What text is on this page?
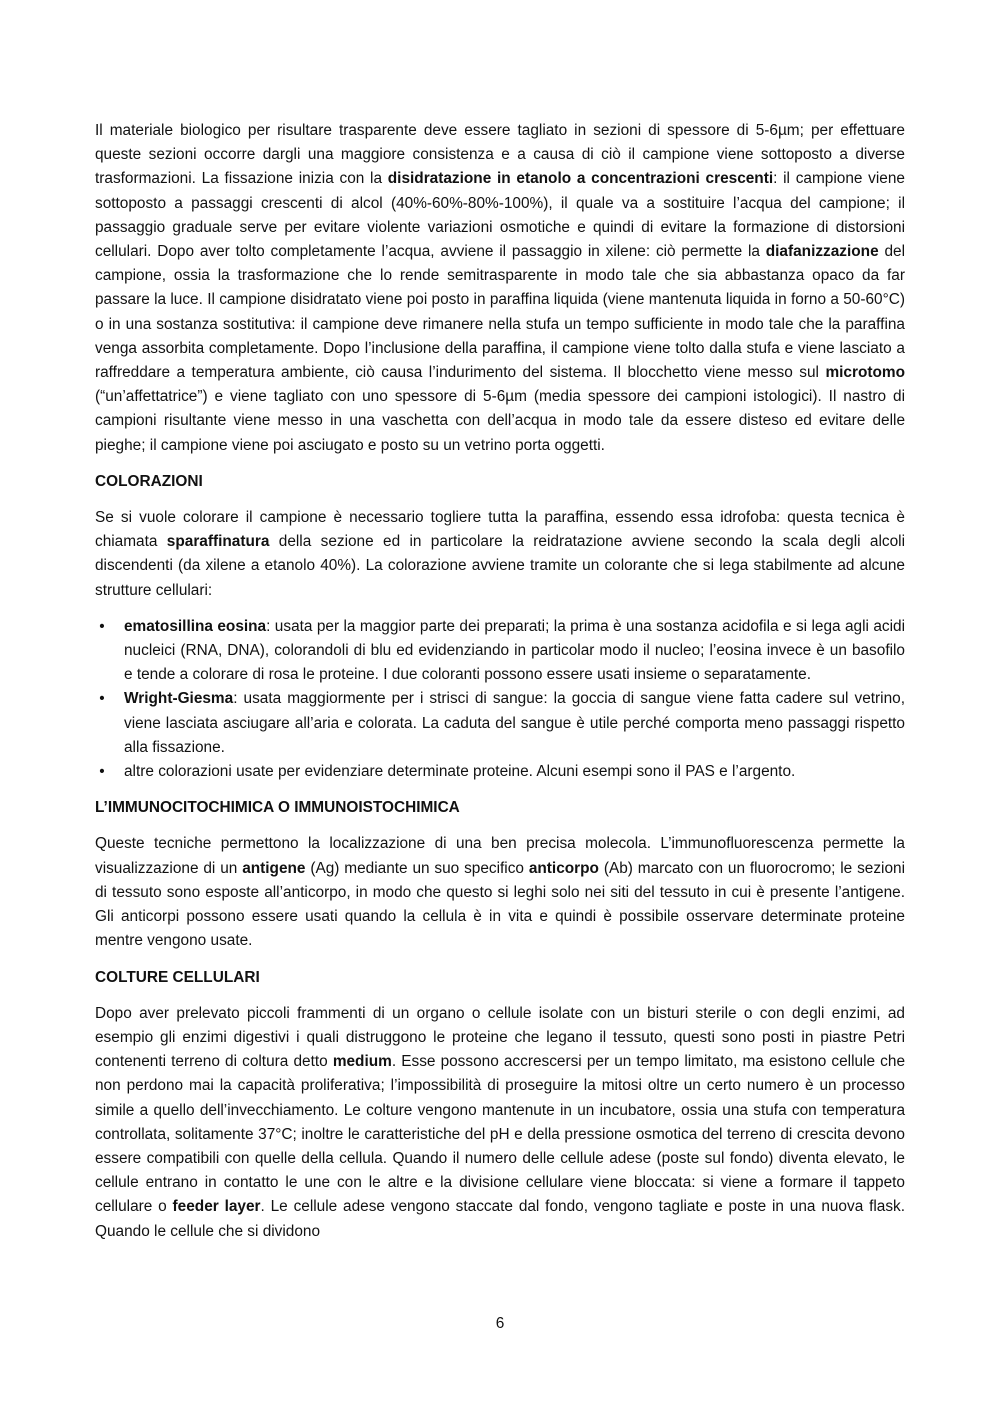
Il materiale biologico per risultare trasparente deve essere tagliato in sezioni di spessore di 5-6µm; per effettuare queste sezioni occorre dargli una maggiore consistenza e a causa di ciò il campione viene sottoposto a diverse trasformazioni. La fissazione inizia con la disidratazione in etanolo a concentrazioni crescenti: il campione viene sottoposto a passaggi crescenti di alcol (40%-60%-80%-100%), il quale va a sostituire l’acqua del campione; il passaggio graduale serve per evitare violente variazioni osmotiche e quindi di evitare la formazione di distorsioni cellulari. Dopo aver tolto completamente l’acqua, avviene il passaggio in xilene: ciò permette la diafanizzazione del campione, ossia la trasformazione che lo rende semitrasparente in modo tale che sia abbastanza opaco da far passare la luce. Il campione disidratato viene poi posto in paraffina liquida (viene mantenuta liquida in forno a 50-60°C) o in una sostanza sostitutiva: il campione deve rimanere nella stufa un tempo sufficiente in modo tale che la paraffina venga assorbita completamente. Dopo l’inclusione della paraffina, il campione viene tolto dalla stufa e viene lasciato a raffreddare a temperatura ambiente, ciò causa l’indurimento del sistema. Il blocchetto viene messo sul microtomo (“un’affettatrice”) e viene tagliato con uno spessore di 5-6µm (media spessore dei campioni istologici). Il nastro di campioni risultante viene messo in una vaschetta con dell’acqua in modo tale da essere disteso ed evitare delle pieghe; il campione viene poi asciugato e posto su un vetrino porta oggetti.

COLORAZIONI

Se si vuole colorare il campione è necessario togliere tutta la paraffina, essendo essa idrofoba: questa tecnica è chiamata sparaffinatura della sezione ed in particolare la reidratazione avviene secondo la scala degli alcoli discendenti (da xilene a etanolo 40%). La colorazione avviene tramite un colorante che si lega stabilmente ad alcune strutture cellulari:

• ematosillina eosina: usata per la maggior parte dei preparati; la prima è una sostanza acidofila e si lega agli acidi nucleici (RNA, DNA), colorandoli di blu ed evidenziando in particolar modo il nucleo; l’eosina invece è un basofilo e tende a colorare di rosa le proteine. I due coloranti possono essere usati insieme o separatamente.
• Wright-Giesma: usata maggiormente per i strisci di sangue: la goccia di sangue viene fatta cadere sul vetrino, viene lasciata asciugare all’aria e colorata. La caduta del sangue è utile perché comporta meno passaggi rispetto alla fissazione.
• altre colorazioni usate per evidenziare determinate proteine. Alcuni esempi sono il PAS e l’argento.
L’IMMUNOCITOCHIMICA O IMMUNOISTOCHIMICA

Queste tecniche permettono la localizzazione di una ben precisa molecola. L’immunofluorescenza permette la visualizzazione di un antigene (Ag) mediante un suo specifico anticorpo (Ab) marcato con un fluorocromo; le sezioni di tessuto sono esposte all’anticorpo, in modo che questo si leghi solo nei siti del tessuto in cui è presente l’antigene. Gli anticorpi possono essere usati quando la cellula è in vita e quindi è possibile osservare determinate proteine mentre vengono usate.

COLTURE CELLULARI

Dopo aver prelevato piccoli frammenti di un organo o cellule isolate con un bisturi sterile o con degli enzimi, ad esempio gli enzimi digestivi i quali distruggono le proteine che legano il tessuto, questi sono posti in piastre Petri contenenti terreno di coltura detto medium. Esse possono accrescersi per un tempo limitato, ma esistono cellule che non perdono mai la capacità proliferativa; l’impossibilità di proseguire la mitosi oltre un certo numero è un processo simile a quello dell’invecchiamento. Le colture vengono mantenute in un incubatore, ossia una stufa con temperatura controllata, solitamente 37°C; inoltre le caratteristiche del pH e della pressione osmotica del terreno di crescita devono essere compatibili con quelle della cellula. Quando il numero delle cellule adese (poste sul fondo) diventa elevato, le cellule entrano in contatto le une con le altre e la divisione cellulare viene bloccata: si viene a formare il tappeto cellulare o feeder layer. Le cellule adese vengono staccate dal fondo, vengono tagliate e poste in una nuova flask. Quando le cellule che si dividono

6
